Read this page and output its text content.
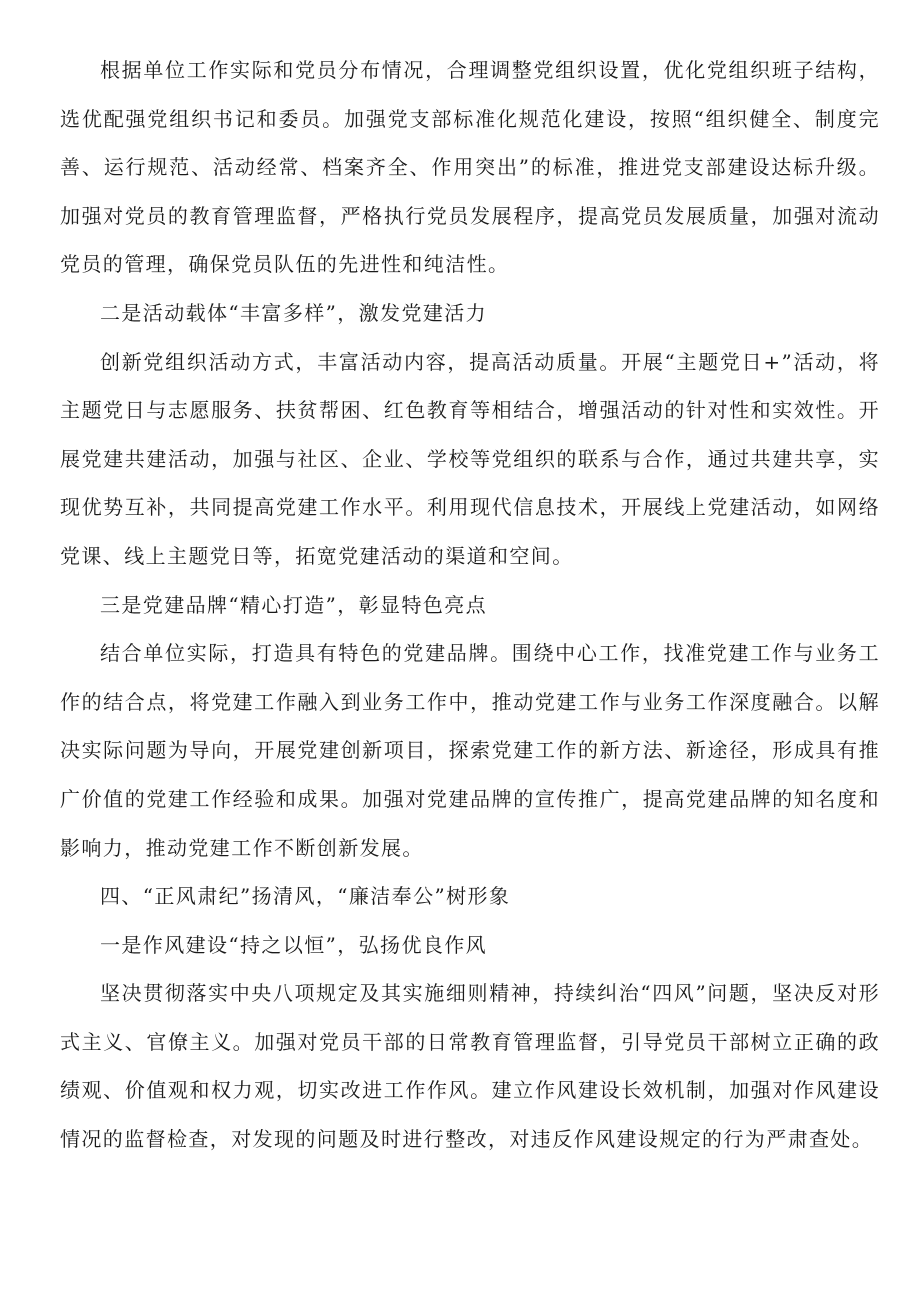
根据单位工作实际和党员分布情况，合理调整党组织设置，优化党组织班子结构，选优配强党组织书记和委员。加强党支部标准化规范化建设，按照“组织健全、制度完善、运行规范、活动经常、档案齐全、作用突出”的标准，推进党支部建设达标升级。加强对党员的教育管理监督，严格执行党员发展程序，提高党员发展质量，加强对流动党员的管理，确保党员队伍的先进性和纯洁性。

二是活动载体“丰富多样”，激发党建活力

创新党组织活动方式，丰富活动内容，提高活动质量。开展“主题党日+”活动，将主题党日与志愿服务、扶贫帮困、红色教育等相结合，增强活动的针对性和实效性。开展党建共建活动，加强与社区、企业、学校等党组织的联系与合作，通过共建共享，实现优势互补，共同提高党建工作水平。利用现代信息技术，开展线上党建活动，如网络党课、线上主题党日等，拓宽党建活动的渠道和空间。

三是党建品牌“精心打造”，彰显特色亮点

结合单位实际，打造具有特色的党建品牌。围绕中心工作，找准党建工作与业务工作的结合点，将党建工作融入到业务工作中，推动党建工作与业务工作深度融合。以解决实际问题为导向，开展党建创新项目，探索党建工作的新方法、新途径，形成具有推广价值的党建工作经验和成果。加强对党建品牌的宣传推广，提高党建品牌的知名度和影响力，推动党建工作不断创新发展。

四、“正风肃纪”扬清风，“廉洁奉公”树形象

一是作风建设“持之以恒”，弘扬优良作风

坚决贯彻落实中央八项规定及其实施细则精神，持续纠治“四风”问题，坚决反对形式主义、官僚主义。加强对党员干部的日常教育管理监督，引导党员干部树立正确的政绩观、价值观和权力观，切实改进工作作风。建立作风建设长效机制，加强对作风建设情况的监督检查，对发现的问题及时进行整改，对违反作风建设规定的行为严肃查处。
